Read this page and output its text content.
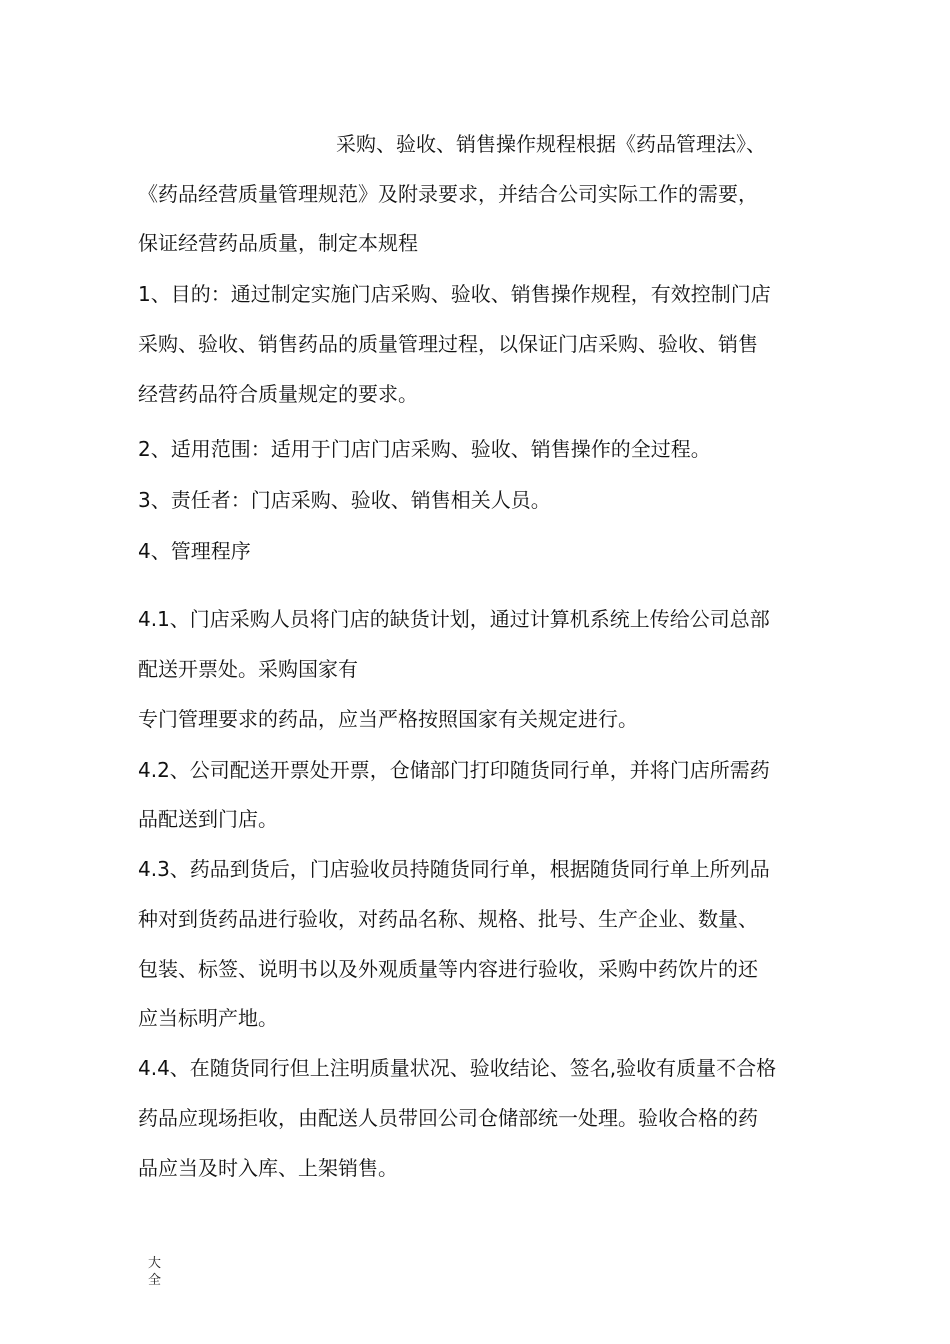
采购、验收、销售操作规程根据《药品管理法》、
《药品经营质量管理规范》及附录要求，并结合公司实际工作的需要，
保证经营药品质量，制定本规程
1、目的：通过制定实施门店采购、验收、销售操作规程，有效控制门店
采购、验收、销售药品的质量管理过程，以保证门店采购、验收、销售
经营药品符合质量规定的要求。
2、适用范围：适用于门店门店采购、验收、销售操作的全过程。
3、责任者：门店采购、验收、销售相关人员。
4、管理程序
4.1、门店采购人员将门店的缺货计划，通过计算机系统上传给公司总部
配送开票处。采购国家有
专门管理要求的药品，应当严格按照国家有关规定进行。
4.2、公司配送开票处开票，仓储部门打印随货同行单，并将门店所需药
品配送到门店。
4.3、药品到货后，门店验收员持随货同行单，根据随货同行单上所列品
种对到货药品进行验收，对药品名称、规格、批号、生产企业、数量、
包装、标签、说明书以及外观质量等内容进行验收，采购中药饮片的还
应当标明产地。
4.4、在随货同行但上注明质量状况、验收结论、签名,验收有质量不合格
药品应现场拒收，由配送人员带回公司仓储部统一处理。验收合格的药
品应当及时入库、上架销售。
大
全
